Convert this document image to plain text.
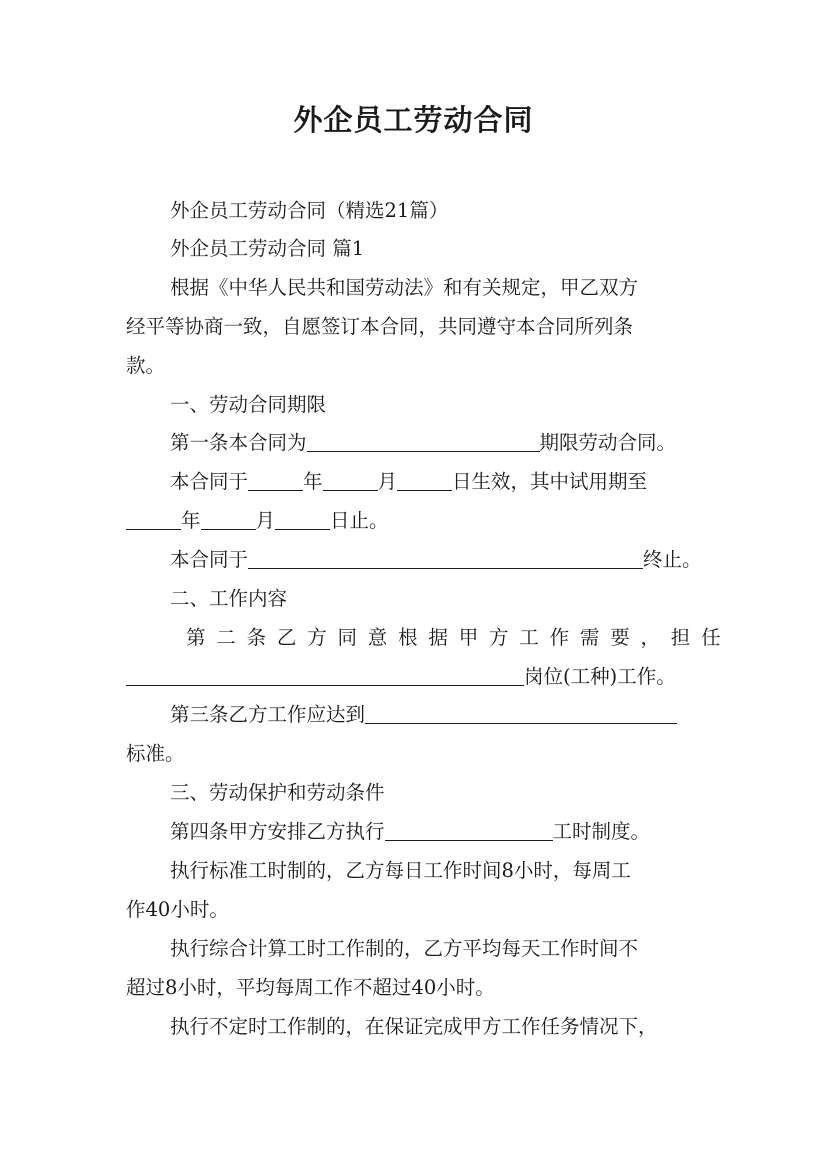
外企员工劳动合同
外企员工劳动合同（精选21篇）
外企员工劳动合同 篇1
根据《中华人民共和国劳动法》和有关规定，甲乙双方
经平等协商一致，自愿签订本合同，共同遵守本合同所列条
款。
一、劳动合同期限
第一条本合同为	期限劳动合同。
本合同于	年	月	日生效，其中试用期至
年	月	日止。
本合同于	终止。
二、工作内容
第二条乙方同意根据甲方工作需要，担任
岗位(工种)工作。
第三条乙方工作应达到
标准。
三、劳动保护和劳动条件
第四条甲方安排乙方执行	工时制度。
执行标准工时制的，乙方每日工作时间8小时，每周工
作40小时。
执行综合计算工时工作制的，乙方平均每天工作时间不
超过8小时，平均每周工作不超过40小时。
执行不定时工作制的，在保证完成甲方工作任务情况下，
